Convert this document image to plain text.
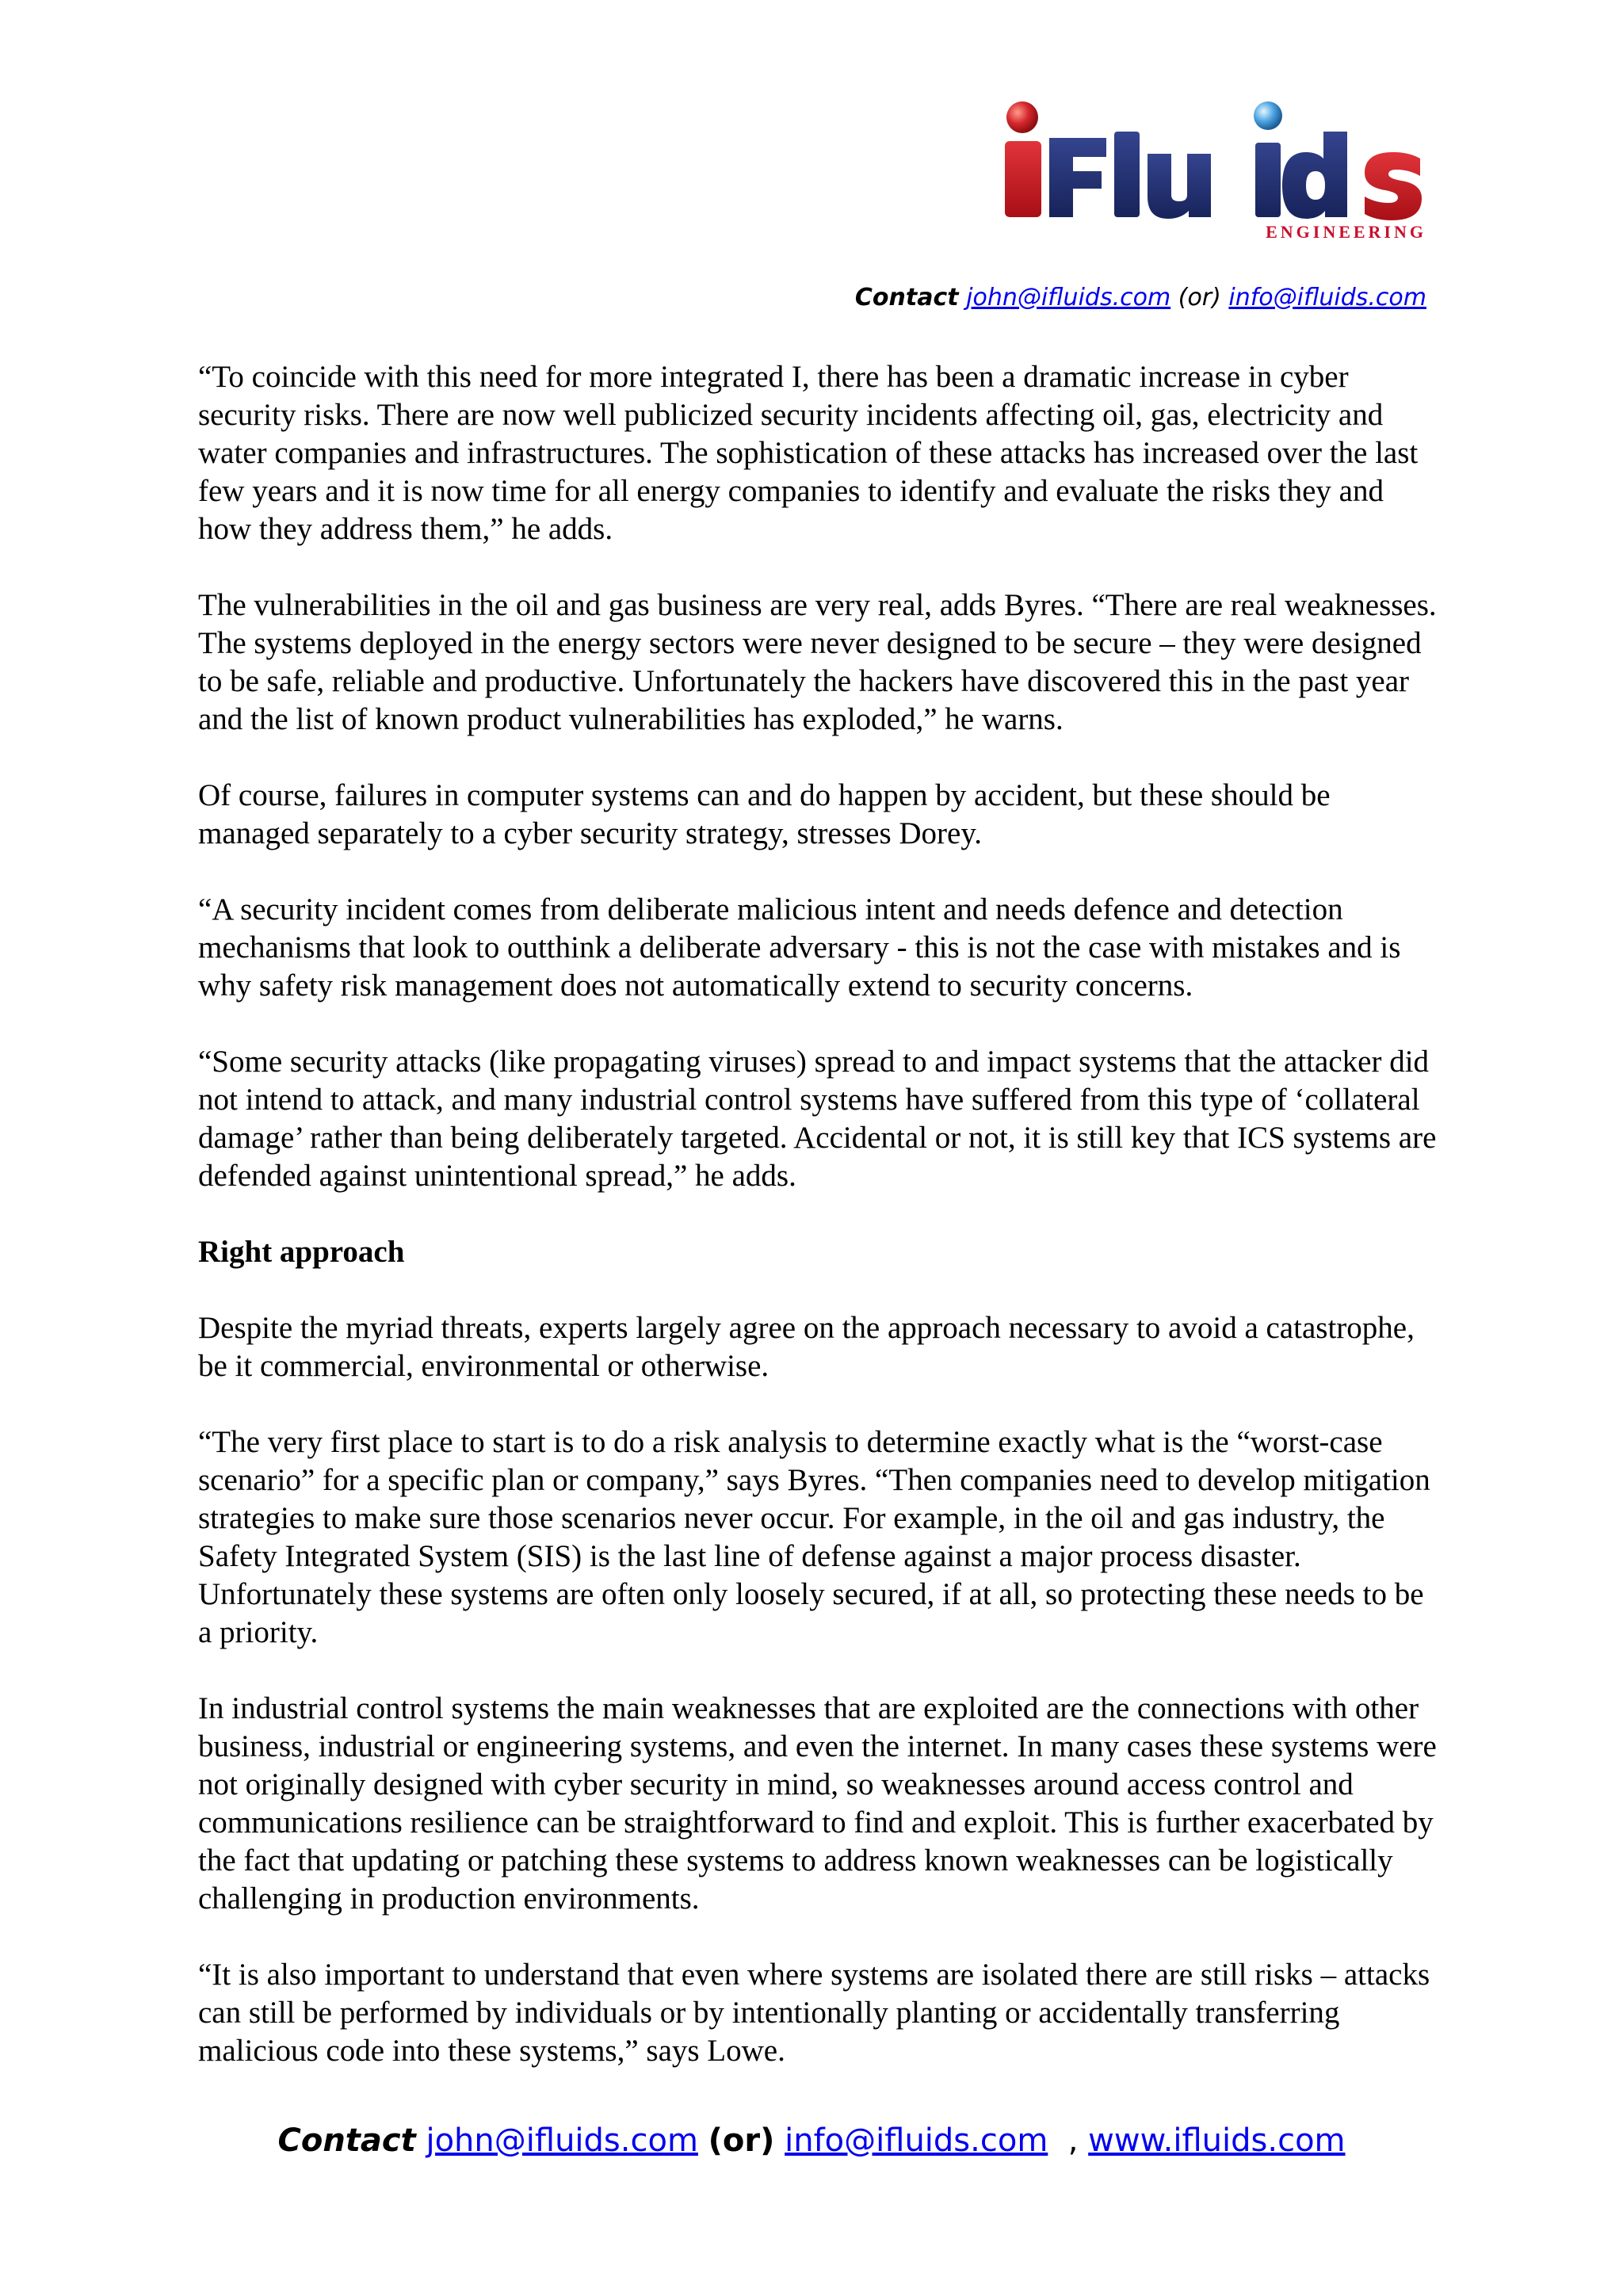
ENGINEERING
Contact john@ifluids.com (or) info@ifluids.com

“To coincide with this need for more integrated I, there has been a dramatic increase in cyber security risks. There are now well publicized security incidents affecting oil, gas, electricity and water companies and infrastructures. The sophistication of these attacks has increased over the last few years and it is now time for all energy companies to identify and evaluate the risks they and how they address them,” he adds.

The vulnerabilities in the oil and gas business are very real, adds Byres. “There are real weaknesses. The systems deployed in the energy sectors were never designed to be secure – they were designed to be safe, reliable and productive. Unfortunately the hackers have discovered this in the past year and the list of known product vulnerabilities has exploded,” he warns.

Of course, failures in computer systems can and do happen by accident, but these should be managed separately to a cyber security strategy, stresses Dorey.

“A security incident comes from deliberate malicious intent and needs defence and detection mechanisms that look to outthink a deliberate adversary - this is not the case with mistakes and is why safety risk management does not automatically extend to security concerns.

“Some security attacks (like propagating viruses) spread to and impact systems that the attacker did not intend to attack, and many industrial control systems have suffered from this type of ‘collateral damage’ rather than being deliberately targeted. Accidental or not, it is still key that ICS systems are defended against unintentional spread,” he adds.

Right approach

Despite the myriad threats, experts largely agree on the approach necessary to avoid a catastrophe, be it commercial, environmental or otherwise.

“The very first place to start is to do a risk analysis to determine exactly what is the “worst-case scenario” for a specific plan or company,” says Byres. “Then companies need to develop mitigation strategies to make sure those scenarios never occur. For example, in the oil and gas industry, the Safety Integrated System (SIS) is the last line of defense against a major process disaster. Unfortunately these systems are often only loosely secured, if at all, so protecting these needs to be a priority.

In industrial control systems the main weaknesses that are exploited are the connections with other business, industrial or engineering systems, and even the internet. In many cases these systems were not originally designed with cyber security in mind, so weaknesses around access control and communications resilience can be straightforward to find and exploit. This is further exacerbated by the fact that updating or patching these systems to address known weaknesses can be logistically challenging in production environments.

“It is also important to understand that even where systems are isolated there are still risks – attacks can still be performed by individuals or by intentionally planting or accidentally transferring malicious code into these systems,” says Lowe.

Contact john@ifluids.com (or) info@ifluids.com , www.ifluids.com
